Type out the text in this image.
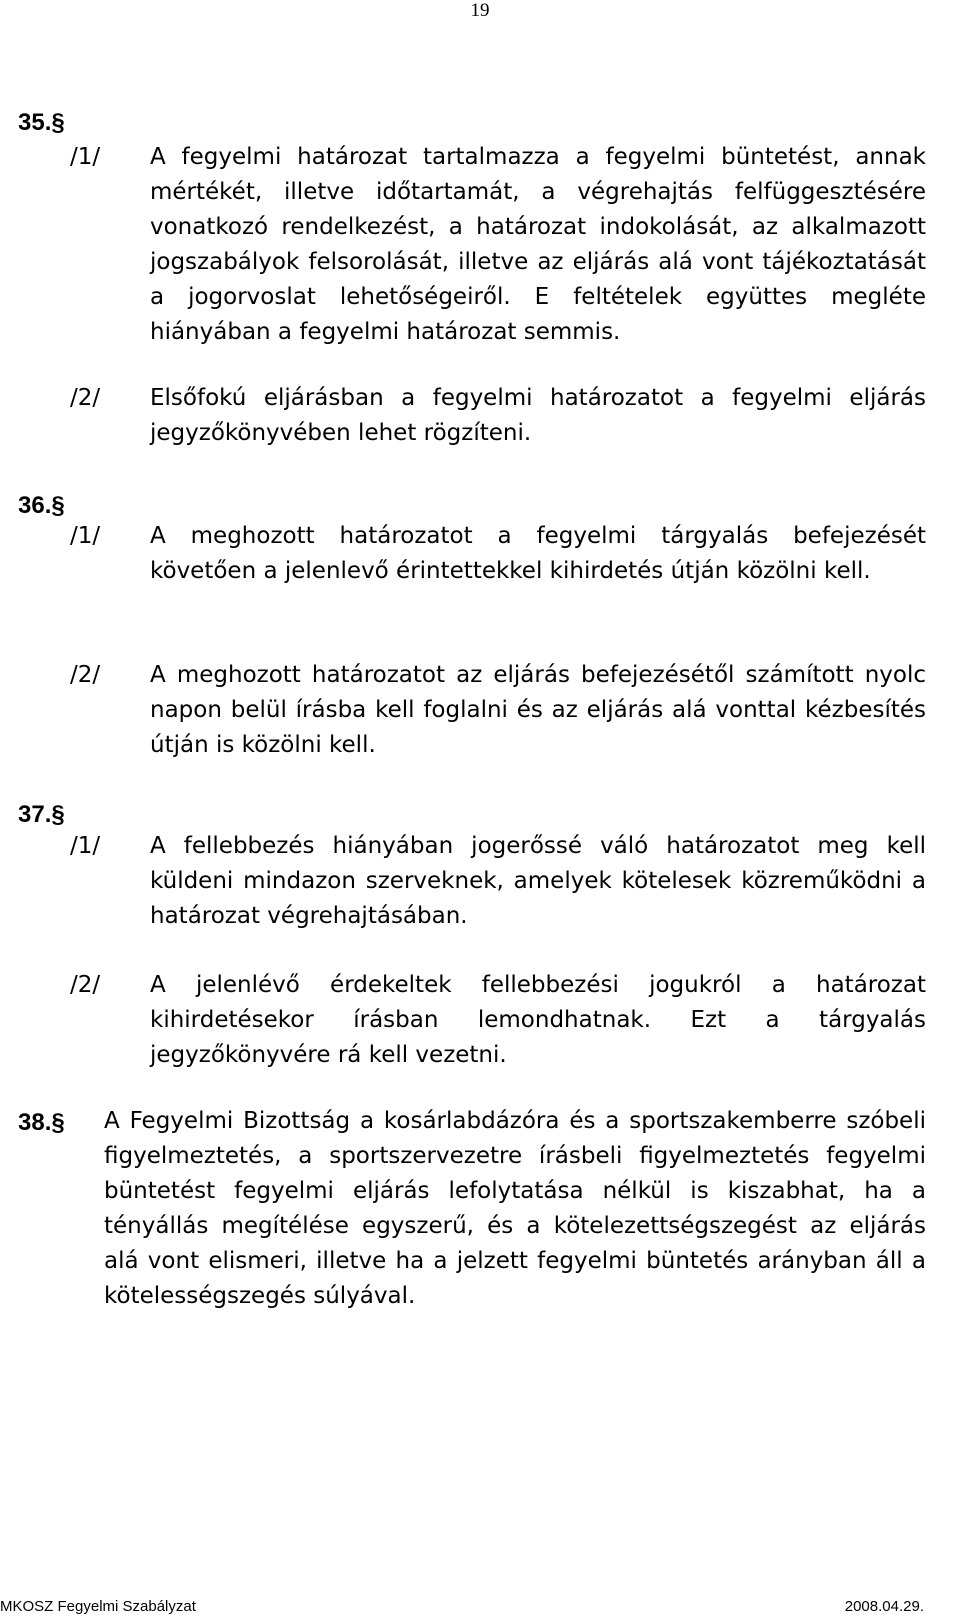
19
35.§
/1/ A fegyelmi határozat tartalmazza a fegyelmi büntetést, annak mértékét, illetve időtartamát, a végrehajtás felfüggesztésére vonatkozó rendelkezést, a határozat indokolását, az alkalmazott jogszabályok felsorolását, illetve az eljárás alá vont tájékoztatását a jogorvoslat lehetőségeiről. E feltételek együttes megléte hiányában a fegyelmi határozat semmis.

/2/ Elsőfokú eljárásban a fegyelmi határozatot a fegyelmi eljárás jegyzőkönyvében lehet rögzíteni.

36.§
/1/ A meghozott határozatot a fegyelmi tárgyalás befejezését követően a jelenlevő érintettekkel kihirdetés útján közölni kell.

/2/ A meghozott határozatot az eljárás befejezésétől számított nyolc napon belül írásba kell foglalni és az eljárás alá vonttal kézbesítés útján is közölni kell.

37.§
/1/ A fellebbezés hiányában jogerőssé váló határozatot meg kell küldeni mindazon szerveknek, amelyek kötelesek közreműködni a határozat végrehajtásában.

/2/ A jelenlévő érdekeltek fellebbezési jogukról a határozat kihirdetésekor írásban lemondhatnak. Ezt a tárgyalás jegyzőkönyvére rá kell vezetni.

38.§ A Fegyelmi Bizottság a kosárlabdázóra és a sportszakemberre szóbeli figyelmeztetés, a sportszervezetre írásbeli figyelmeztetés fegyelmi büntetést fegyelmi eljárás lefolytatása nélkül is kiszabhat, ha a tényállás megítélése egyszerű, és a kötelezettségszegést az eljárás alá vont elismeri, illetve ha a jelzett fegyelmi büntetés arányban áll a kötelességszegés súlyával.

MKOSZ Fegyelmi Szabályzat	2008.04.29.
